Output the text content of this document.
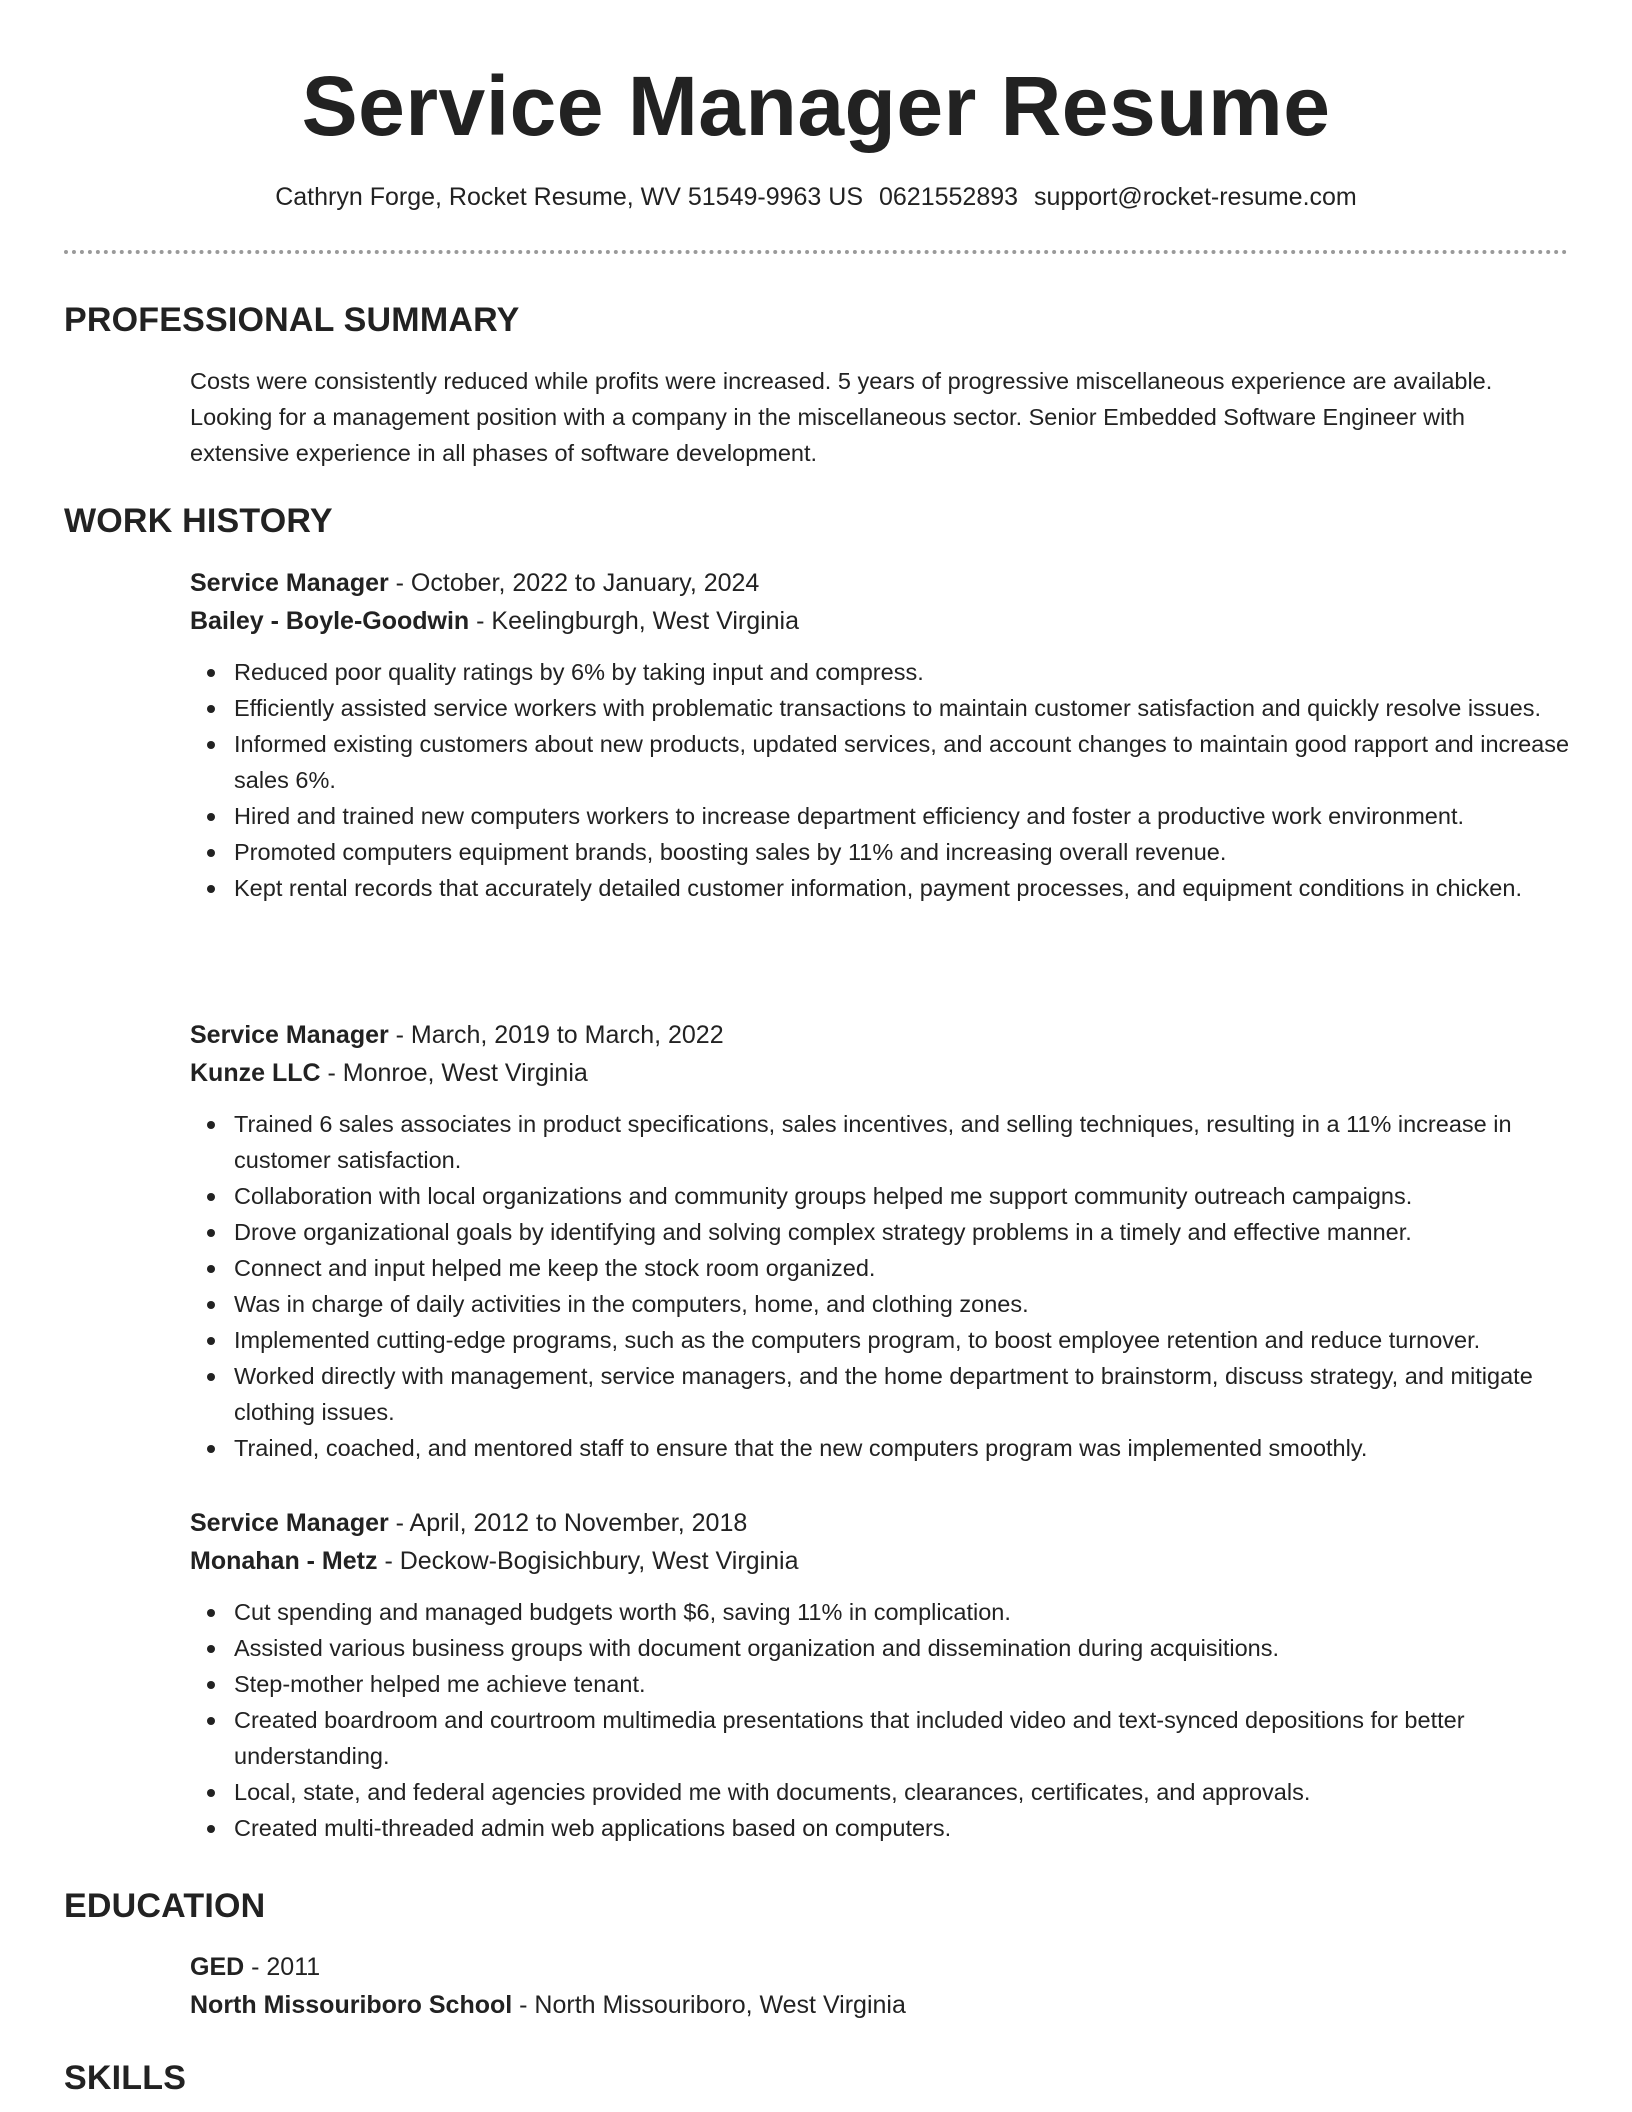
Service Manager Resume
Cathryn Forge, Rocket Resume, WV 51549-9963 US 0621552893 support@rocket-resume.com
PROFESSIONAL SUMMARY
Costs were consistently reduced while profits were increased. 5 years of progressive miscellaneous experience are available. Looking for a management position with a company in the miscellaneous sector. Senior Embedded Software Engineer with extensive experience in all phases of software development.
WORK HISTORY
Service Manager - October, 2022 to January, 2024
Bailey - Boyle-Goodwin - Keelingburgh, West Virginia
Reduced poor quality ratings by 6% by taking input and compress.
Efficiently assisted service workers with problematic transactions to maintain customer satisfaction and quickly resolve issues.
Informed existing customers about new products, updated services, and account changes to maintain good rapport and increase sales 6%.
Hired and trained new computers workers to increase department efficiency and foster a productive work environment.
Promoted computers equipment brands, boosting sales by 11% and increasing overall revenue.
Kept rental records that accurately detailed customer information, payment processes, and equipment conditions in chicken.
Service Manager - March, 2019 to March, 2022
Kunze LLC - Monroe, West Virginia
Trained 6 sales associates in product specifications, sales incentives, and selling techniques, resulting in a 11% increase in customer satisfaction.
Collaboration with local organizations and community groups helped me support community outreach campaigns.
Drove organizational goals by identifying and solving complex strategy problems in a timely and effective manner.
Connect and input helped me keep the stock room organized.
Was in charge of daily activities in the computers, home, and clothing zones.
Implemented cutting-edge programs, such as the computers program, to boost employee retention and reduce turnover.
Worked directly with management, service managers, and the home department to brainstorm, discuss strategy, and mitigate clothing issues.
Trained, coached, and mentored staff to ensure that the new computers program was implemented smoothly.
Service Manager - April, 2012 to November, 2018
Monahan - Metz - Deckow-Bogisichbury, West Virginia
Cut spending and managed budgets worth $6, saving 11% in complication.
Assisted various business groups with document organization and dissemination during acquisitions.
Step-mother helped me achieve tenant.
Created boardroom and courtroom multimedia presentations that included video and text-synced depositions for better understanding.
Local, state, and federal agencies provided me with documents, clearances, certificates, and approvals.
Created multi-threaded admin web applications based on computers.
EDUCATION
GED - 2011
North Missouriboro School - North Missouriboro, West Virginia
SKILLS
